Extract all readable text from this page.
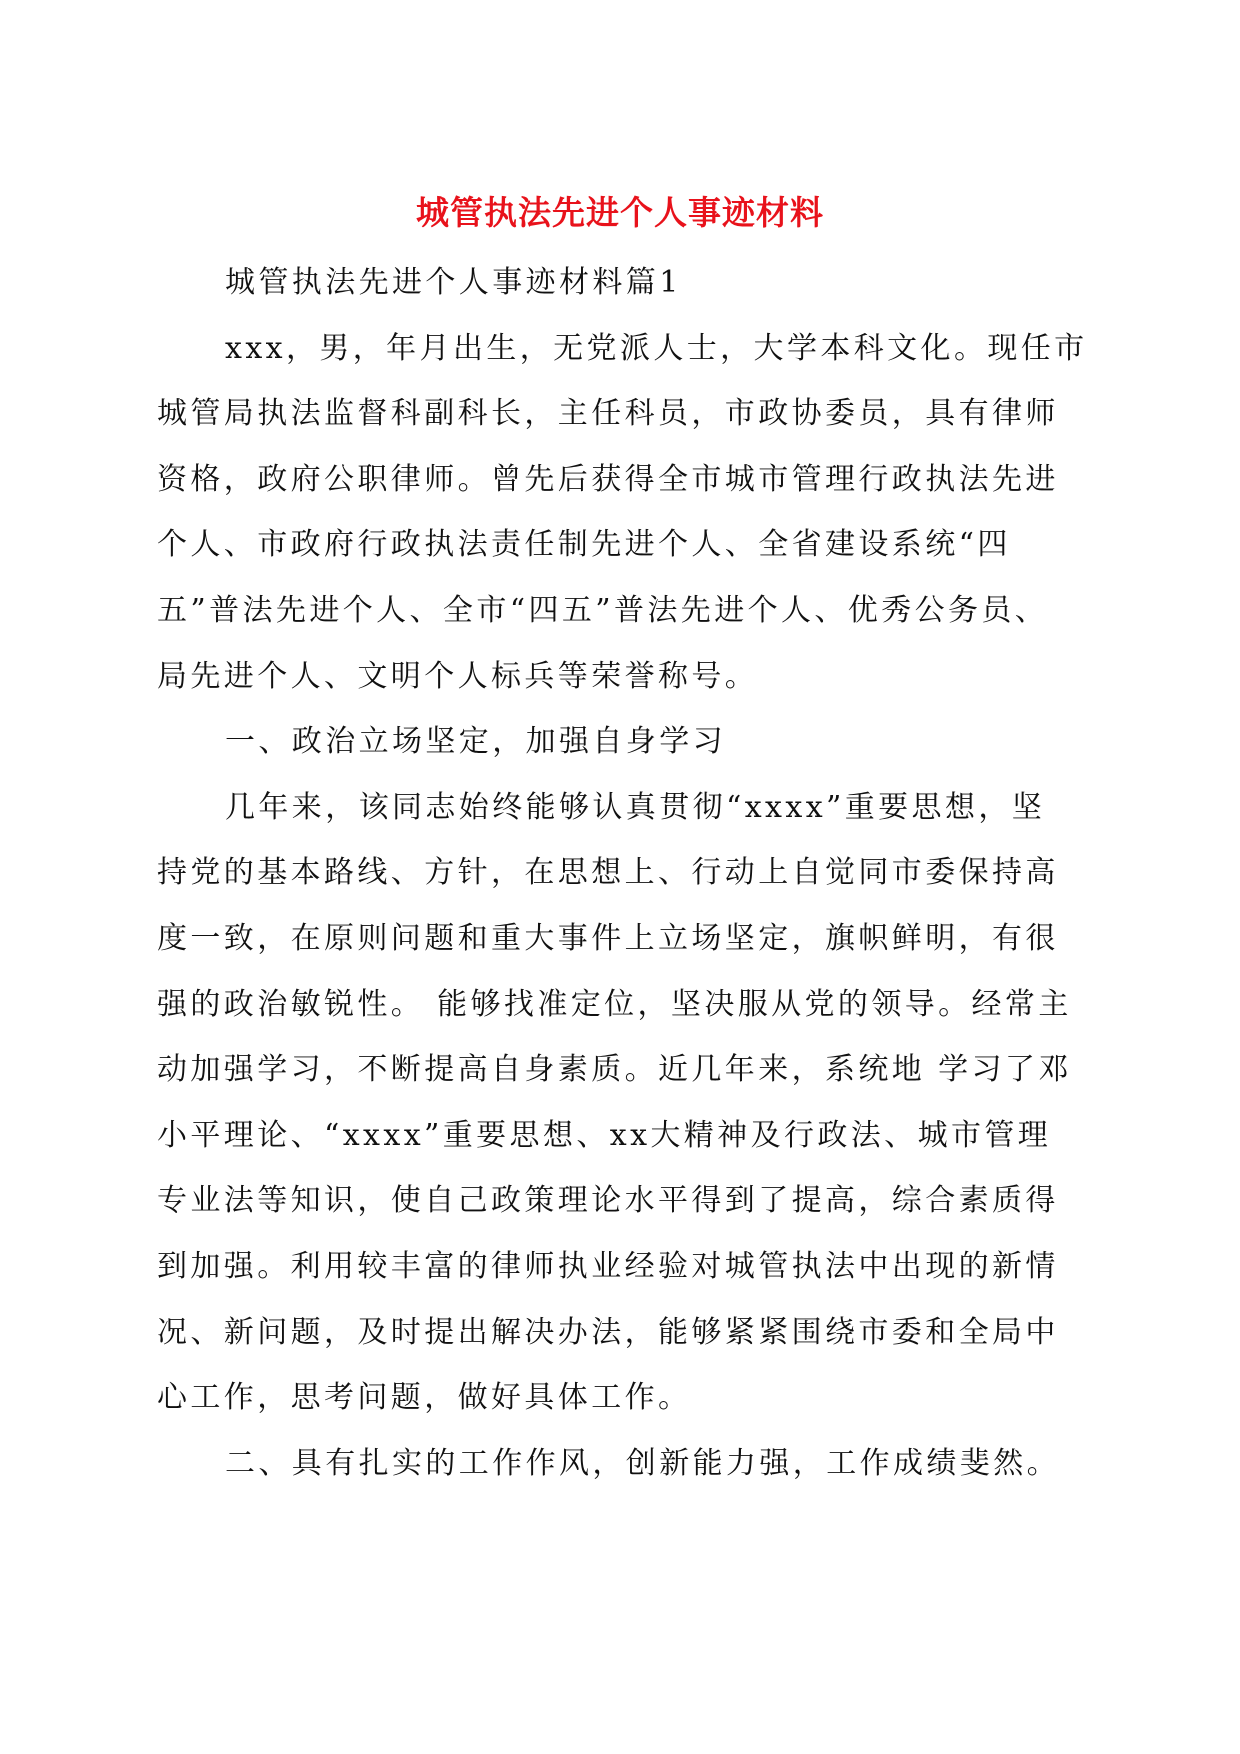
城管执法先进个人事迹材料
城管执法先进个人事迹材料篇1
xxx，男，年月出生，无党派人士，大学本科文化。现任市
城管局执法监督科副科长，主任科员，市政协委员，具有律师
资格，政府公职律师。曾先后获得全市城市管理行政执法先进
个人、市政府行政执法责任制先进个人、全省建设系统“四
五”普法先进个人、全市“四五”普法先进个人、优秀公务员、
局先进个人、文明个人标兵等荣誉称号。
一、政治立场坚定，加强自身学习
几年来，该同志始终能够认真贯彻“xxxx”重要思想，坚
持党的基本路线、方针，在思想上、行动上自觉同市委保持高
度一致，在原则问题和重大事件上立场坚定，旗帜鲜明，有很
强的政治敏锐性。 能够找准定位，坚决服从党的领导。经常主
动加强学习，不断提高自身素质。近几年来，系统地 学习了邓
小平理论、“xxxx”重要思想、xx大精神及行政法、城市管理
专业法等知识，使自己政策理论水平得到了提高，综合素质得
到加强。利用较丰富的律师执业经验对城管执法中出现的新情
况、新问题，及时提出解决办法，能够紧紧围绕市委和全局中
心工作，思考问题，做好具体工作。
二、具有扎实的工作作风，创新能力强，工作成绩斐然。
